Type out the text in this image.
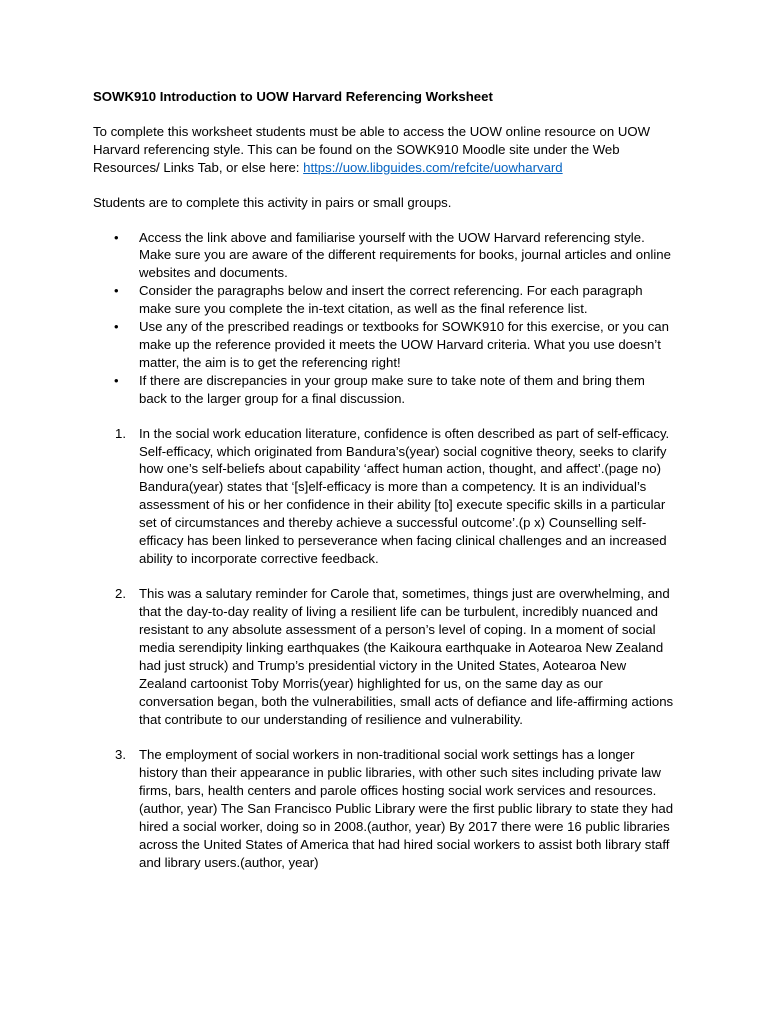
SOWK910 Introduction to UOW Harvard Referencing Worksheet

To complete this worksheet students must be able to access the UOW online resource on UOW Harvard referencing style. This can be found on the SOWK910 Moodle site under the Web Resources/ Links Tab, or else here: https://uow.libguides.com/refcite/uowharvard

Students are to complete this activity in pairs or small groups.

• Access the link above and familiarise yourself with the UOW Harvard referencing style. Make sure you are aware of the different requirements for books, journal articles and online websites and documents.
• Consider the paragraphs below and insert the correct referencing. For each paragraph make sure you complete the in-text citation, as well as the final reference list.
• Use any of the prescribed readings or textbooks for SOWK910 for this exercise, or you can make up the reference provided it meets the UOW Harvard criteria. What you use doesn’t matter, the aim is to get the referencing right!
• If there are discrepancies in your group make sure to take note of them and bring them back to the larger group for a final discussion.
1. In the social work education literature, confidence is often described as part of self-efficacy. Self-efficacy, which originated from Bandura’s(year) social cognitive theory, seeks to clarify how one’s self-beliefs about capability ‘affect human action, thought, and affect’.(page no) Bandura(year) states that ‘[s]elf-efficacy is more than a competency. It is an individual’s assessment of his or her confidence in their ability [to] execute specific skills in a particular set of circumstances and thereby achieve a successful outcome’.(p x) Counselling self-efficacy has been linked to perseverance when facing clinical challenges and an increased ability to incorporate corrective feedback.
2. This was a salutary reminder for Carole that, sometimes, things just are overwhelming, and that the day-to-day reality of living a resilient life can be turbulent, incredibly nuanced and resistant to any absolute assessment of a person’s level of coping. In a moment of social media serendipity linking earthquakes (the Kaikoura earthquake in Aotearoa New Zealand had just struck) and Trump’s presidential victory in the United States, Aotearoa New Zealand cartoonist Toby Morris(year) highlighted for us, on the same day as our conversation began, both the vulnerabilities, small acts of defiance and life-affirming actions that contribute to our understanding of resilience and vulnerability.
3. The employment of social workers in non-traditional social work settings has a longer history than their appearance in public libraries, with other such sites including private law firms, bars, health centers and parole offices hosting social work services and resources.(author, year) The San Francisco Public Library were the first public library to state they had hired a social worker, doing so in 2008.(author, year) By 2017 there were 16 public libraries across the United States of America that had hired social workers to assist both library staff and library users.(author, year)
